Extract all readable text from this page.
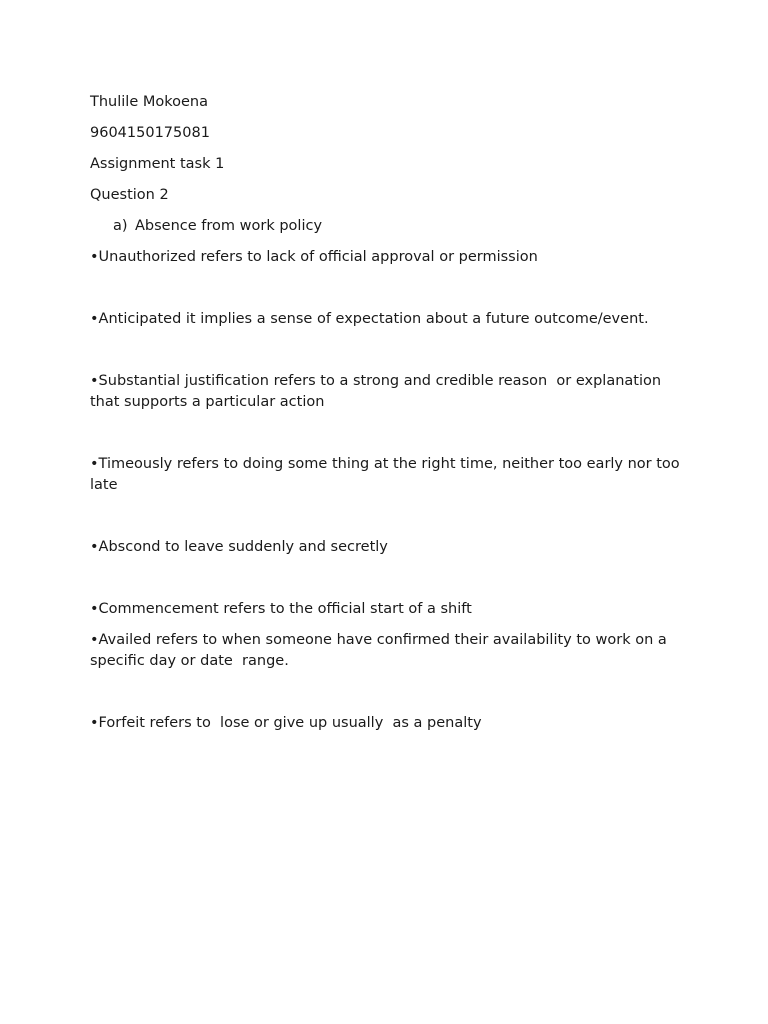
Thulile Mokoena

9604150175081

Assignment task 1

Question 2

a) Absence from work policy

•Unauthorized refers to lack of official approval or permission

•Anticipated it implies a sense of expectation about a future outcome/event.

•Substantial justification refers to a strong and credible reason  or explanation that supports a particular action

•Timeously refers to doing some thing at the right time, neither too early nor too late

•Abscond to leave suddenly and secretly

•Commencement refers to the official start of a shift

•Availed refers to when someone have confirmed their availability to work on a specific day or date  range.

•Forfeit refers to  lose or give up usually  as a penalty
